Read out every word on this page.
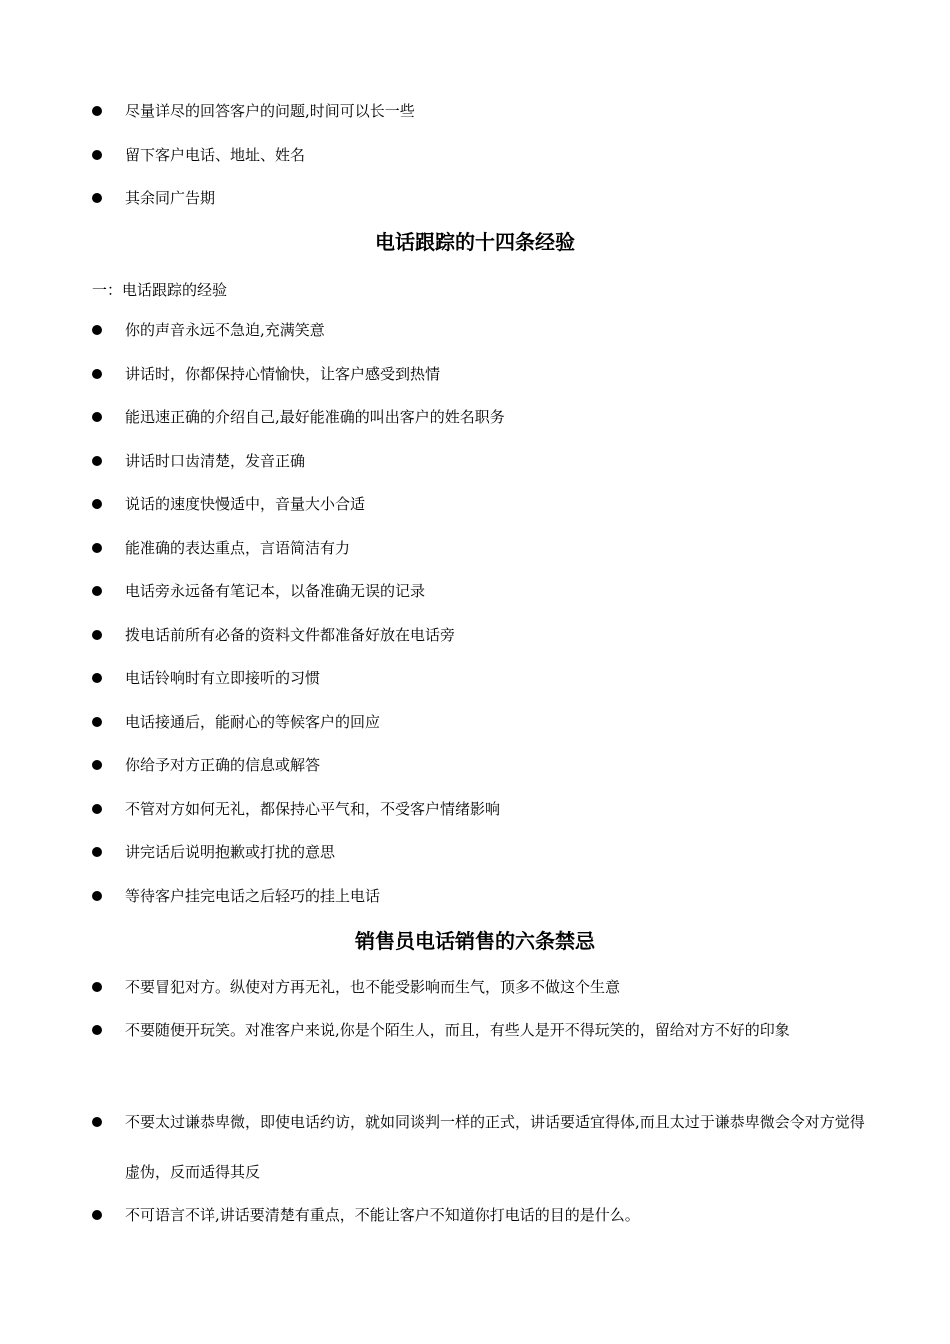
尽量详尽的回答客户的问题,时间可以长一些
留下客户电话、地址、姓名
其余同广告期
电话跟踪的十四条经验
一：电话跟踪的经验
你的声音永远不急迫,充满笑意
讲话时，你都保持心情愉快，让客户感受到热情
能迅速正确的介绍自己,最好能准确的叫出客户的姓名职务
讲话时口齿清楚，发音正确
说话的速度快慢适中，音量大小合适
能准确的表达重点，言语简洁有力
电话旁永远备有笔记本，以备准确无误的记录
拨电话前所有必备的资料文件都准备好放在电话旁
电话铃响时有立即接听的习惯
电话接通后，能耐心的等候客户的回应
你给予对方正确的信息或解答
不管对方如何无礼，都保持心平气和，不受客户情绪影响
讲完话后说明抱歉或打扰的意思
等待客户挂完电话之后轻巧的挂上电话
销售员电话销售的六条禁忌
不要冒犯对方。纵使对方再无礼，也不能受影响而生气，顶多不做这个生意
不要随便开玩笑。对准客户来说,你是个陌生人，而且，有些人是开不得玩笑的，留给对方不好的印象
不要太过谦恭卑微，即使电话约访，就如同谈判一样的正式，讲话要适宜得体,而且太过于谦恭卑微会令对方觉得虚伪，反而适得其反
不可语言不详,讲话要清楚有重点，不能让客户不知道你打电话的目的是什么。
